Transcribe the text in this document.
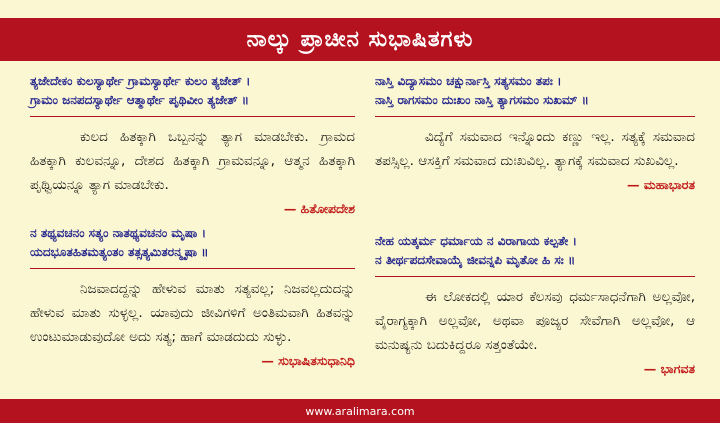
ನಾಲ್ಕು ಪ್ರಾಚೀನ ಸುಭಾಷಿತಗಳು
ತ್ಯಜೇದೇಕಂ ಕುಲಸ್ಯಾರ್ಥೇ ಗ್ರಾಮಸ್ಯಾರ್ಥೇ ಕುಲಂ ತ್ಯಜೇತ್ ।
ಗ್ರಾಮಂ ಜನಪದಸ್ಯಾರ್ಥೇ ಆತ್ಮಾರ್ಥೇ ಪೃಥಿವೀಂ ತ್ಯಜೇತ್ ॥

ಕುಲದ ಹಿತಕ್ಕಾಗಿ ಒಬ್ಬನನ್ನು ತ್ಯಾಗ ಮಾಡಬೇಕು. ಗ್ರಾಮದ ಹಿತಕ್ಕಾಗಿ ಕುಲವನ್ನೂ, ದೇಶದ ಹಿತಕ್ಕಾಗಿ ಗ್ರಾಮವನ್ನೂ, ಆತ್ಮನ ಹಿತಕ್ಕಾಗಿ ಪೃಥ್ವಿಯನ್ನೂ ತ್ಯಾಗ ಮಾಡಬೇಕು.

— ಹಿತೋಪದೇಶ
ನ ತಥ್ಯವಚನಂ ಸತ್ಯಂ ನಾತಥ್ಯವಚನಂ ಮೃಷಾ ।
ಯದಭೂತಹಿತಮತ್ಯಂತಂ ತತ್ಸತ್ಯಮಿತರನ್ಮೃಷಾ ॥

ನಿಜವಾದದ್ದನ್ನು ಹೇಳುವ ಮಾತು ಸತ್ಯವಲ್ಲ; ನಿಜವಲ್ಲದುದನ್ನು ಹೇಳುವ ಮಾತು ಸುಳ್ಳಲ್ಲ. ಯಾವುದು ಜೀವಿಗಳಿಗೆ ಅಂತಿಮವಾಗಿ ಹಿತವನ್ನು ಉಂಟುಮಾಡುವುದೋ ಅದು ಸತ್ಯ; ಹಾಗೆ ಮಾಡದುದು ಸುಳ್ಳು.

— ಸುಭಾಷಿತಸುಧಾನಿಧಿ
ನಾಸ್ತಿ ವಿದ್ಯಾಸಮಂ ಚಕ್ಷುರ್ನಾಸ್ತಿ ಸತ್ಯಸಮಂ ತಪಃ ।
ನಾಸ್ತಿ ರಾಗಸಮಂ ದುಃಖಂ ನಾಸ್ತಿ ತ್ಯಾಗಸಮಂ ಸುಖಮ್ ॥

ವಿದ್ಯೆಗೆ ಸಮವಾದ ಇನ್ನೊಂದು ಕಣ್ಣು ಇಲ್ಲ. ಸತ್ಯಕ್ಕೆ ಸಮವಾದ ತಪಸ್ಸಿಲ್ಲ. ಆಸಕ್ತಿಗೆ ಸಮವಾದ ದುಃಖವಿಲ್ಲ. ತ್ಯಾಗಕ್ಕೆ ಸಮವಾದ ಸುಖವಿಲ್ಲ.

— ಮಹಾಭಾರತ
ನೇಹ ಯತ್ಕರ್ಮ ಧರ್ಮಾಯ ನ ವಿರಾಗಾಯ ಕಲ್ಪತೇ ।
ನ ತೀರ್ಥಪದಸೇವಾಯೈ ಜೀವನ್ನಪಿ ಮೃತೋ ಹಿ ಸಃ ॥

ಈ ಲೋಕದಲ್ಲಿ ಯಾರ ಕೆಲಸವು ಧರ್ಮಸಾಧನೆಗಾಗಿ ಅಲ್ಲವೋ, ವೈರಾಗ್ಯಕ್ಕಾಗಿ ಅಲ್ಲವೋ, ಅಥವಾ ಪೂಜ್ಯರ ಸೇವೆಗಾಗಿ ಅಲ್ಲವೋ, ಆ ಮನುಷ್ಯನು ಬದುಕಿದ್ದರೂ ಸತ್ತಂತೆಯೇ.

— ಭಾಗವತ
www.aralimara.com
